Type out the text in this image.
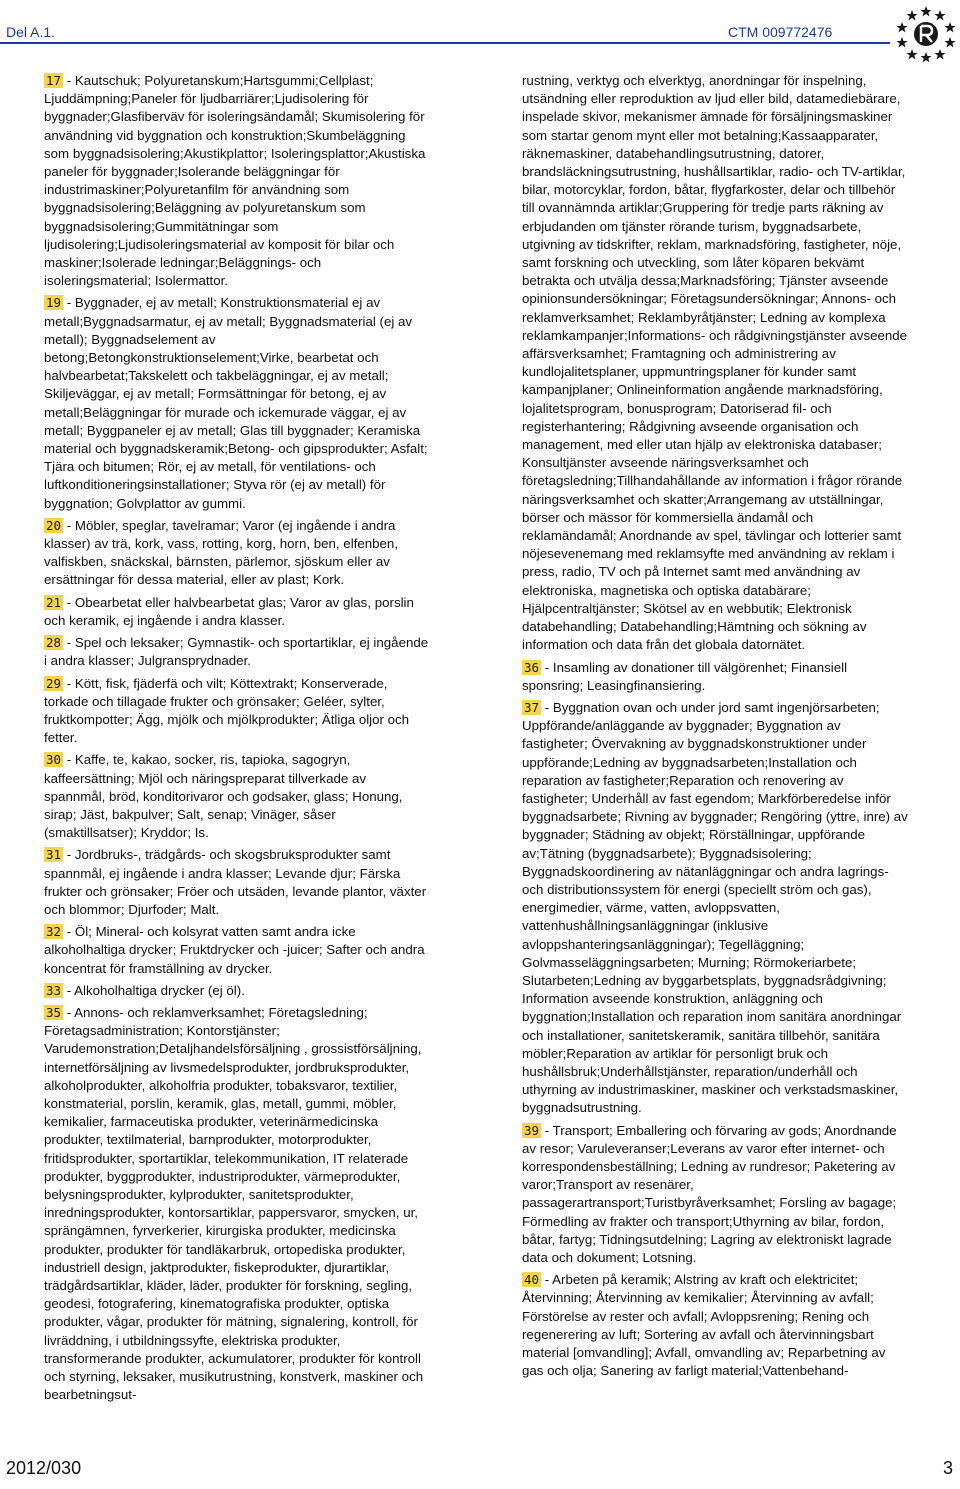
Del A.1.	CTM 009772476

17 - Kautschuk; Polyuretanskum;Hartsgummi;Cellplast; Ljuddämpning;Paneler för ljudbarriärer;Ljudisolering för byggnader;Glasfiberväv för isoleringsändamål; Skumisolering för användning vid byggnation och konstruktion;Skumbeläggning som byggnadsisolering;Akustikplattor; Isoleringsplattor;Akustiska paneler för byggnader;Isolerande beläggningar för industrimaskiner;Polyuretanfilm för användning som byggnadsisolering;Beläggning av polyuretanskum som byggnadsisolering;Gummitätningar som ljudisolering;Ljudisoleringsmaterial av komposit för bilar och maskiner;Isolerade ledningar;Beläggnings- och isoleringsmaterial; Isolermattor.

19 - Byggnader, ej av metall; Konstruktionsmaterial ej av metall;Byggnadsarmatur, ej av metall; Byggnadsmaterial (ej av metall); Byggnadselement av betong;Betongkonstruktionselement;Virke, bearbetat och halvbearbetat;Takskelett och takbeläggningar, ej av metall; Skiljeväggar, ej av metall; Formsättningar för betong, ej av metall;Beläggningar för murade och ickemurade väggar, ej av metall; Byggpaneler ej av metall; Glas till byggnader; Keramiska material och byggnadskeramik;Betong- och gipsprodukter; Asfalt; Tjära och bitumen; Rör, ej av metall, för ventilations- och luftkonditioneringsinstallationer; Styva rör (ej av metall) för byggnation; Golvplattor av gummi.

20 - Möbler, speglar, tavelramar; Varor (ej ingående i andra klasser) av trä, kork, vass, rotting, korg, horn, ben, elfenben, valfiskben, snäckskal, bärnsten, pärlemor, sjöskum eller av ersättningar för dessa material, eller av plast; Kork.

21 - Obearbetat eller halvbearbetat glas; Varor av glas, porslin och keramik, ej ingående i andra klasser.

28 - Spel och leksaker; Gymnastik- och sportartiklar, ej ingående i andra klasser; Julgransprydnader.

29 - Kött, fisk, fjäderfä och vilt; Köttextrakt; Konserverade, torkade och tillagade frukter och grönsaker; Geléer, sylter, fruktkompotter; Ägg, mjölk och mjölkprodukter; Ätliga oljor och fetter.

30 - Kaffe, te, kakao, socker, ris, tapioka, sagogryn, kaffeersättning; Mjöl och näringspreparat tillverkade av spannmål, bröd, konditorivaror och godsaker, glass; Honung, sirap; Jäst, bakpulver; Salt, senap; Vinäger, såser (smaktillsatser); Kryddor; Is.

31 - Jordbruks-, trädgårds- och skogsbruksprodukter samt spannmål, ej ingående i andra klasser; Levande djur; Färska frukter och grönsaker; Fröer och utsäden, levande plantor, växter och blommor; Djurfoder; Malt.

32 - Öl; Mineral- och kolsyrat vatten samt andra icke alkoholhaltiga drycker; Fruktdrycker och -juicer; Safter och andra koncentrat för framställning av drycker.

33 - Alkoholhaltiga drycker (ej öl).

35 - Annons- och reklamverksamhet; Företagsledning; Företagsadministration; Kontorstjänster; Varudemonstration;Detaljhandelsförsäljning , grossistförsäljning, internetförsäljning av livsmedelsprodukter, jordbruksprodukter, alkoholprodukter, alkoholfria produkter, tobaksvaror, textilier, konstmaterial, porslin, keramik, glas, metall, gummi, möbler, kemikalier, farmaceutiska produkter, veterinärmedicinska produkter, textilmaterial, barnprodukter, motorprodukter, fritidsprodukter, sportartiklar, telekommunikation, IT relaterade produkter, byggprodukter, industriprodukter, värmeprodukter, belysningsprodukter, kylprodukter, sanitetsprodukter, inredningsprodukter, kontorsartiklar, pappersvaror, smycken, ur, sprängämnen, fyrverkerier, kirurgiska produkter, medicinska produkter, produkter för tandläkarbruk, ortopediska produkter, industriell design, jaktprodukter, fiskeprodukter, djurartiklar, trädgårdsartiklar, kläder, läder, produkter för forskning, segling, geodesi, fotografering, kinematografiska produkter, optiska produkter, vågar, produkter för mätning, signalering, kontroll, för livräddning, i utbildningssyfte, elektriska produkter, transformerande produkter, ackumulatorer, produkter för kontroll och styrning, leksaker, musikutrustning, konstverk, maskiner och bearbetningsut-

rustning, verktyg och elverktyg, anordningar för inspelning, utsändning eller reproduktion av ljud eller bild, datamediebärare, inspelade skivor, mekanismer ämnade för försäljningsmaskiner som startar genom mynt eller mot betalning;Kassaapparater, räknemaskiner, databehandlingsutrustning, datorer, brandsläckningsutrustning, hushållsartiklar, radio- och TV-artiklar, bilar, motorcyklar, fordon, båtar, flygfarkoster, delar och tillbehör till ovannämnda artiklar;Gruppering för tredje parts räkning av erbjudanden om tjänster rörande turism, byggnadsarbete, utgivning av tidskrifter, reklam, marknadsföring, fastigheter, nöje, samt forskning och utveckling, som låter köparen bekvämt betrakta och utvälja dessa;Marknadsföring; Tjänster avseende opinionsundersökningar; Företagsundersökningar; Annons- och reklamverksamhet; Reklambyråtjänster; Ledning av komplexa reklamkampanjer;Informations- och rådgivningstjänster avseende affärsverksamhet; Framtagning och administrering av kundlojalitetsplaner, uppmuntringsplaner för kunder samt kampanjplaner; Onlineinformation angående marknadsföring, lojalitetsprogram, bonusprogram; Datoriserad fil- och registerhantering; Rådgivning avseende organisation och management, med eller utan hjälp av elektroniska databaser; Konsultjänster avseende näringsverksamhet och företagsledning;Tillhandahållande av information i frågor rörande näringsverksamhet och skatter;Arrangemang av utställningar, börser och mässor för kommersiella ändamål och reklamändamål; Anordnande av spel, tävlingar och lotterier samt nöjesevenemang med reklamsyfte med användning av reklam i press, radio, TV och på Internet samt med användning av elektroniska, magnetiska och optiska databärare; Hjälpcentraltjänster; Skötsel av en webbutik; Elektronisk databehandling; Databehandling;Hämtning och sökning av information och data från det globala datornätet.

36 - Insamling av donationer till välgörenhet; Finansiell sponsring; Leasingfinansiering.

37 - Byggnation ovan och under jord samt ingenjörsarbeten; Uppförande/anläggande av byggnader; Byggnation av fastigheter; Övervakning av byggnadskonstruktioner under uppförande;Ledning av byggnadsarbeten;Installation och reparation av fastigheter;Reparation och renovering av fastigheter; Underhåll av fast egendom; Markförberedelse inför byggnadsarbete; Rivning av byggnader; Rengöring (yttre, inre) av byggnader; Städning av objekt; Rörställningar, uppförande av;Tätning (byggnadsarbete); Byggnadsisolering; Byggnadskoordinering av nätanläggningar och andra lagrings- och distributionssystem för energi (speciellt ström och gas), energimedier, värme, vatten, avloppsvatten, vattenhushållningsanläggningar (inklusive avloppshanteringsanläggningar); Tegelläggning; Golvmasseläggningsarbeten; Murning; Rörmokeriarbete; Slutarbeten;Ledning av byggarbetsplats, byggnadsrådgivning; Information avseende konstruktion, anläggning och byggnation;Installation och reparation inom sanitära anordningar och installationer, sanitetskeramik, sanitära tillbehör, sanitära möbler;Reparation av artiklar för personligt bruk och hushållsbruk;Underhållstjänster, reparation/underhåll och uthyrning av industrimaskiner, maskiner och verkstadsmaskiner, byggnadsutrustning.

39 - Transport; Emballering och förvaring av gods; Anordnande av resor; Varuleveranser;Leverans av varor efter internet- och korrespondensbeställning; Ledning av rundresor; Paketering av varor;Transport av resenärer, passagerartransport;Turistbyråverksamhet; Forsling av bagage; Förmedling av frakter och transport;Uthyrning av bilar, fordon, båtar, fartyg; Tidningsutdelning; Lagring av elektroniskt lagrade data och dokument; Lotsning.

40 - Arbeten på keramik; Alstring av kraft och elektricitet; Återvinning; Återvinning av kemikalier; Återvinning av avfall; Förstörelse av rester och avfall; Avloppsrening; Rening och regenerering av luft; Sortering av avfall och återvinningsbart material [omvandling]; Avfall, omvandling av; Reparbetning av gas och olja; Sanering av farligt material;Vattenbehand-

2012/030	3
